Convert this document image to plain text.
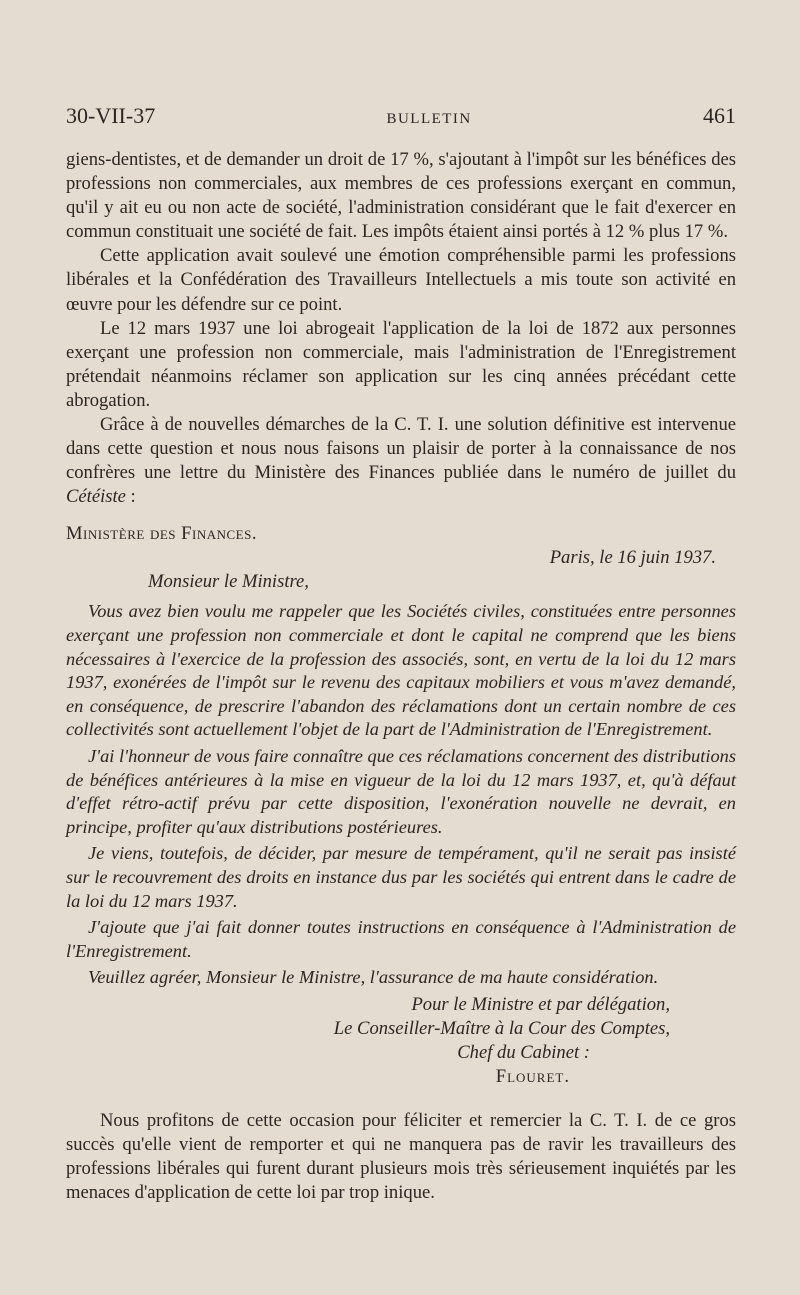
30-VII-37	BULLETIN	461

giens-dentistes, et de demander un droit de 17 %, s'ajoutant à l'impôt sur les bénéfices des professions non commerciales, aux membres de ces professions exerçant en commun, qu'il y ait eu ou non acte de société, l'administration considérant que le fait d'exercer en commun constituait une société de fait. Les impôts étaient ainsi portés à 12 % plus 17 %.

Cette application avait soulevé une émotion compréhensible parmi les professions libérales et la Confédération des Travailleurs Intellectuels a mis toute son activité en œuvre pour les défendre sur ce point.

Le 12 mars 1937 une loi abrogeait l'application de la loi de 1872 aux personnes exerçant une profession non commerciale, mais l'administration de l'Enregistrement prétendait néanmoins réclamer son application sur les cinq années précédant cette abrogation.

Grâce à de nouvelles démarches de la C. T. I. une solution définitive est intervenue dans cette question et nous nous faisons un plaisir de porter à la connaissance de nos confrères une lettre du Ministère des Finances publiée dans le numéro de juillet du Cétéiste :

Ministère des Finances.
Paris, le 16 juin 1937.
Monsieur le Ministre,

Vous avez bien voulu me rappeler que les Sociétés civiles, constituées entre personnes exerçant une profession non commerciale et dont le capital ne comprend que les biens nécessaires à l'exercice de la profession des associés, sont, en vertu de la loi du 12 mars 1937, exonérées de l'impôt sur le revenu des capitaux mobiliers et vous m'avez demandé, en conséquence, de prescrire l'abandon des réclamations dont un certain nombre de ces collectivités sont actuellement l'objet de la part de l'Administration de l'Enregistrement.

J'ai l'honneur de vous faire connaître que ces réclamations concernent des distributions de bénéfices antérieures à la mise en vigueur de la loi du 12 mars 1937, et, qu'à défaut d'effet rétro-actif prévu par cette disposition, l'exonération nouvelle ne devrait, en principe, profiter qu'aux distributions postérieures.

Je viens, toutefois, de décider, par mesure de tempérament, qu'il ne serait pas insisté sur le recouvrement des droits en instance dus par les sociétés qui entrent dans le cadre de la loi du 12 mars 1937.

J'ajoute que j'ai fait donner toutes instructions en conséquence à l'Administration de l'Enregistrement.

Veuillez agréer, Monsieur le Ministre, l'assurance de ma haute considération.

Pour le Ministre et par délégation,
Le Conseiller-Maître à la Cour des Comptes,
Chef du Cabinet :
Flouret.

Nous profitons de cette occasion pour féliciter et remercier la C. T. I. de ce gros succès qu'elle vient de remporter et qui ne manquera pas de ravir les travailleurs des professions libérales qui furent durant plusieurs mois très sérieusement inquiétés par les menaces d'application de cette loi par trop inique.
